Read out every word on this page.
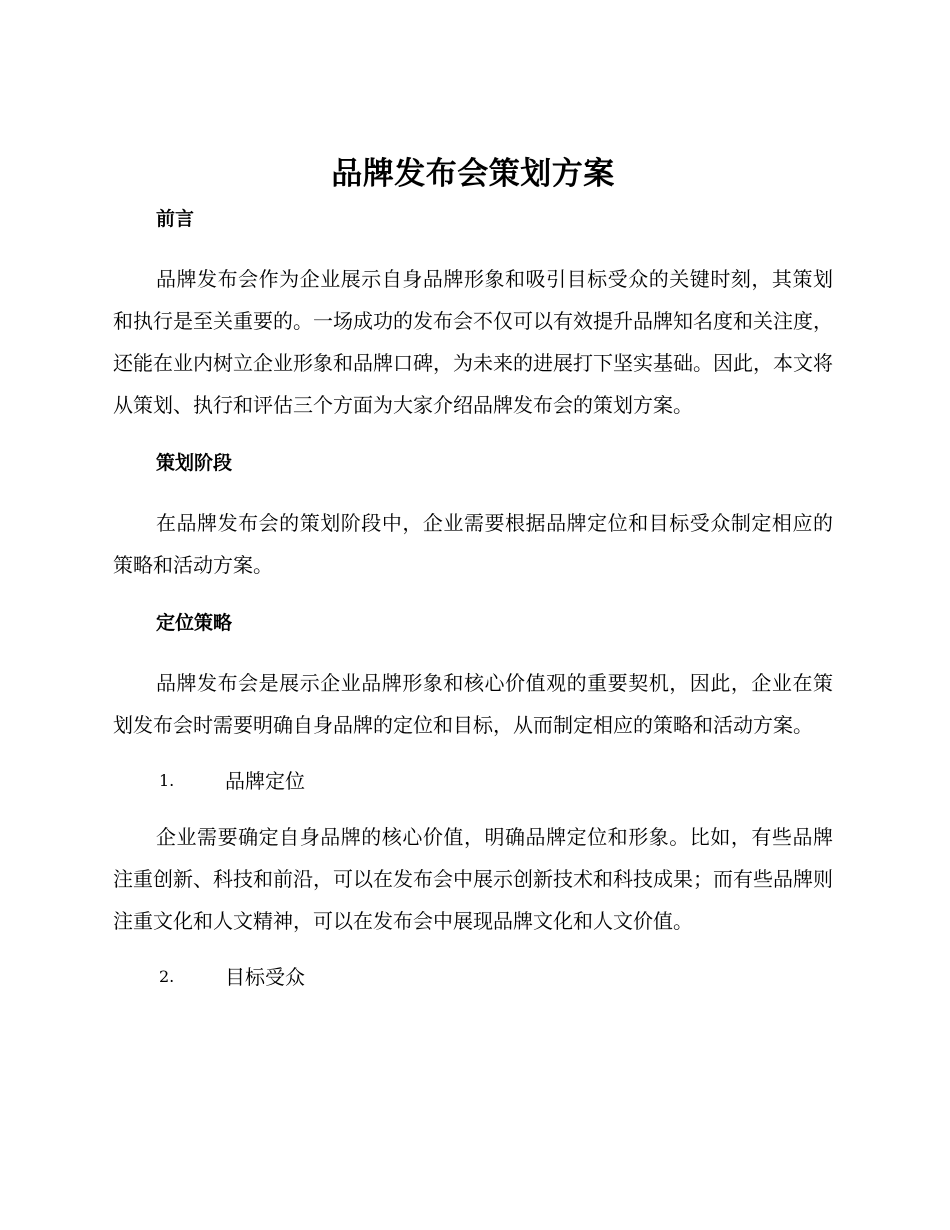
品牌发布会策划方案
前言

品牌发布会作为企业展示自身品牌形象和吸引目标受众的关键时刻，其策划和执行是至关重要的。一场成功的发布会不仅可以有效提升品牌知名度和关注度，还能在业内树立企业形象和品牌口碑，为未来的进展打下坚实基础。因此，本文将从策划、执行和评估三个方面为大家介绍品牌发布会的策划方案。

策划阶段

在品牌发布会的策划阶段中，企业需要根据品牌定位和目标受众制定相应的策略和活动方案。

定位策略

品牌发布会是展示企业品牌形象和核心价值观的重要契机，因此，企业在策划发布会时需要明确自身品牌的定位和目标，从而制定相应的策略和活动方案。

1.	品牌定位

企业需要确定自身品牌的核心价值，明确品牌定位和形象。比如，有些品牌注重创新、科技和前沿，可以在发布会中展示创新技术和科技成果；而有些品牌则注重文化和人文精神，可以在发布会中展现品牌文化和人文价值。

2.	目标受众
